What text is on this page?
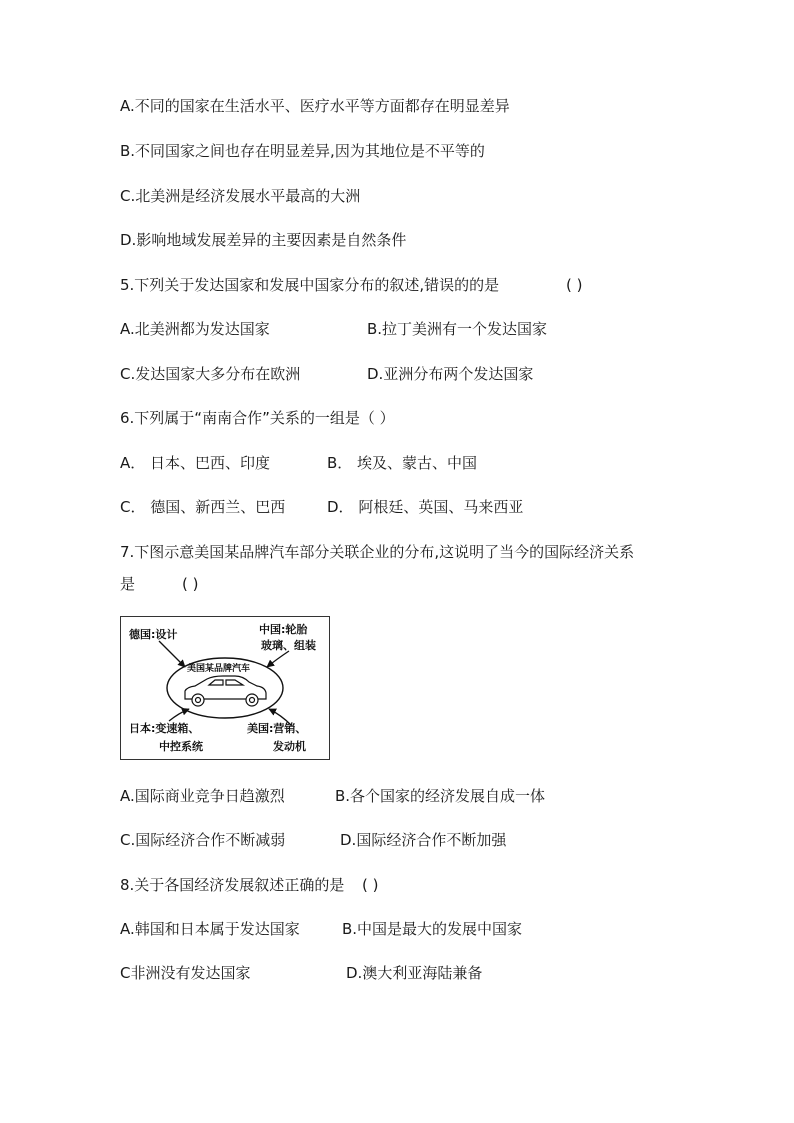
A.不同的国家在生活水平、医疗水平等方面都存在明显差异
B.不同国家之间也存在明显差异,因为其地位是不平等的
C.北美洲是经济发展水平最高的大洲
D.影响地域发展差异的主要因素是自然条件
5.下列关于发达国家和发展中国家分布的叙述,错误的的是	( )
A.北美洲都为发达国家	B.拉丁美洲有一个发达国家
C.发达国家大多分布在欧洲	D.亚洲分布两个发达国家
6.下列属于“南南合作”关系的一组是（ ）
A． 日本、巴西、印度	B． 埃及、蒙古、中国
C． 德国、新西兰、巴西	D． 阿根廷、英国、马来西亚
7.下图示意美国某品牌汽车部分关联企业的分布,这说明了当今的国际经济关系
是	( )
德国:设计	中国:轮胎
玻璃、组装
美国某品牌汽车
日本:变速箱、
中控系统
美国:营销、
发动机
A.国际商业竞争日趋激烈	B.各个国家的经济发展自成一体
C.国际经济合作不断减弱	D.国际经济合作不断加强
8.关于各国经济发展叙述正确的是 ( )
A.韩国和日本属于发达国家	B.中国是最大的发展中国家
C非洲没有发达国家	D.澳大利亚海陆兼备
